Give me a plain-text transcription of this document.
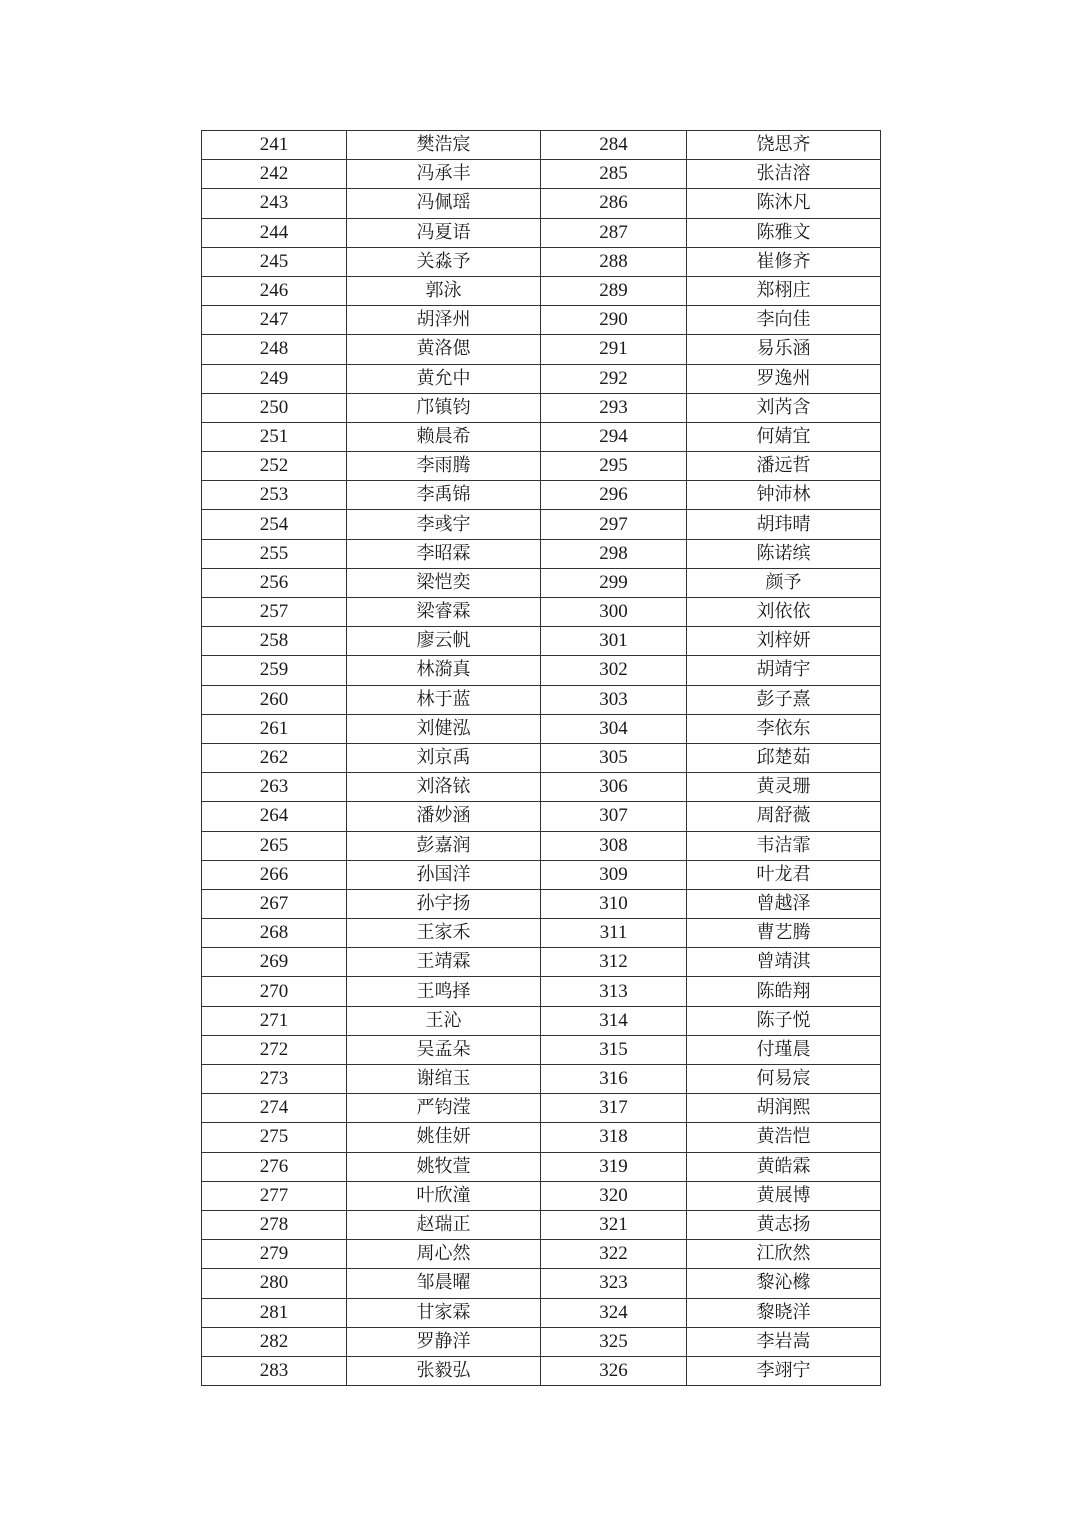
241	樊浩宸	284	饶思齐
242	冯承丰	285	张洁溶
243	冯佩瑶	286	陈沐凡
244	冯夏语	287	陈雅文
245	关淼予	288	崔修齐
246	郭泳	289	郑栩庄
247	胡泽州	290	李向佳
248	黄洛偲	291	易乐涵
249	黄允中	292	罗逸州
250	邝镇钧	293	刘芮含
251	赖晨希	294	何婧宜
252	李雨腾	295	潘远哲
253	李禹锦	296	钟沛林
254	李彧宇	297	胡玮晴
255	李昭霖	298	陈诺缤
256	梁恺奕	299	颜予
257	梁睿霖	300	刘依依
258	廖云帆	301	刘梓妍
259	林漪真	302	胡靖宇
260	林于蓝	303	彭子熹
261	刘健泓	304	李依东
262	刘京禹	305	邱楚茹
263	刘洛铱	306	黄灵珊
264	潘妙涵	307	周舒薇
265	彭嘉润	308	韦洁霏
266	孙国洋	309	叶龙君
267	孙宇扬	310	曾越泽
268	王家禾	311	曹艺腾
269	王靖霖	312	曾靖淇
270	王鸣择	313	陈皓翔
271	王沁	314	陈子悦
272	吴孟朵	315	付瑾晨
273	谢绾玉	316	何易宸
274	严钧滢	317	胡润熙
275	姚佳妍	318	黄浩恺
276	姚牧萱	319	黄皓霖
277	叶欣潼	320	黄展博
278	赵瑞正	321	黄志扬
279	周心然	322	江欣然
280	邹晨曜	323	黎沁橼
281	甘家霖	324	黎晓洋
282	罗静洋	325	李岩嵩
283	张毅弘	326	李翊宁
